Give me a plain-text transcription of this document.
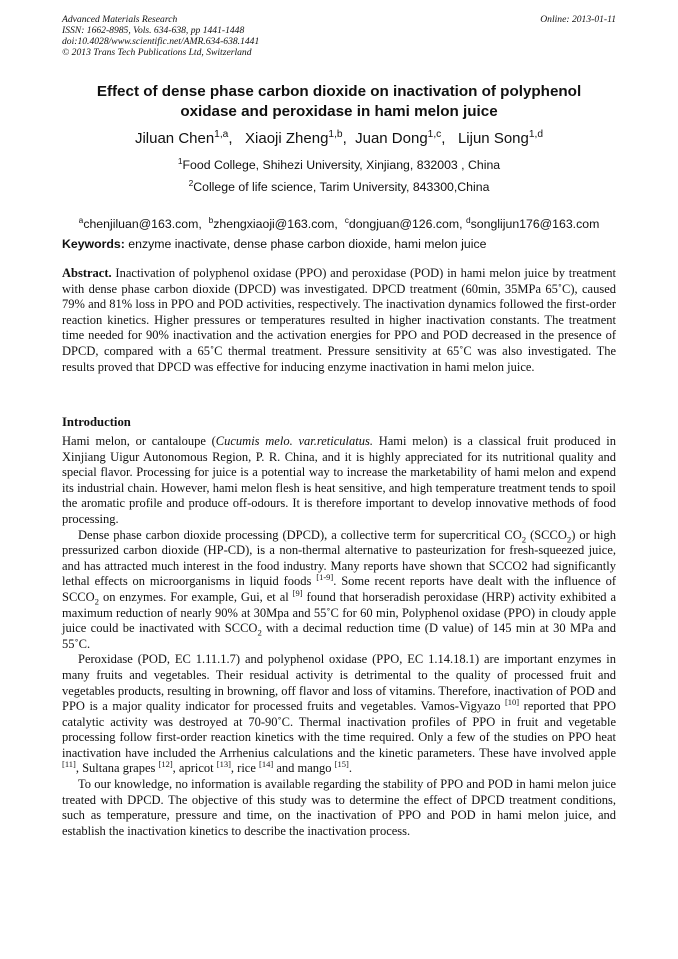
Advanced Materials Research
ISSN: 1662-8985, Vols. 634-638, pp 1441-1448
doi:10.4028/www.scientific.net/AMR.634-638.1441
© 2013 Trans Tech Publications Ltd, Switzerland
Online: 2013-01-11
Effect of dense phase carbon dioxide on inactivation of polyphenol
oxidase and peroxidase in hami melon juice
Jiluan Chen$^{1,a}$,   Xiaoji Zheng$^{1,b}$,  Juan Dong$^{1,c}$,   Lijun Song$^{1,d}$
$^1$Food College, Shihezi University, Xinjiang, 832003 , China
$^2$College of life science, Tarim University, 843300,China

$^a$chenjiluan@163.com,  $^b$zhengxiaoji@163.com,  $^c$dongjuan@126.com, $^d$songlijun176@163.com
Keywords: enzyme inactivate, dense phase carbon dioxide, hami melon juice
Abstract. Inactivation of polyphenol oxidase (PPO) and peroxidase (POD) in hami melon juice by treatment with dense phase carbon dioxide (DPCD) was investigated. DPCD treatment (60min, 35MPa 65˚C), caused 79% and 81% loss in PPO and POD activities, respectively. The inactivation dynamics followed the first-order reaction kinetics. Higher pressures or temperatures resulted in higher inactivation constants. The treatment time needed for 90% inactivation and the activation energies for PPO and POD decreased in the presence of DPCD, compared with a 65˚C thermal treatment. Pressure sensitivity at 65˚C was also investigated. The results proved that DPCD was effective for inducing enzyme inactivation in hami melon juice.
Introduction

Hami melon, or cantaloupe (Cucumis melo. var.reticulatus. Hami melon) is a classical fruit produced in Xinjiang Uigur Autonomous Region, P. R. China, and it is highly appreciated for its nutritional quality and special flavor. Processing for juice is a potential way to increase the marketability of hami melon and expend its industrial chain. However, hami melon flesh is heat sensitive, and high temperature treatment tends to spoil the aromatic profile and produce off-odours. It is therefore important to develop innovative methods of food processing.

Dense phase carbon dioxide processing (DPCD), a collective term for supercritical $CO_2$ $(SCCO_2)$ or high pressurized carbon dioxide (HP-CD), is a non-thermal alternative to pasteurization for fresh-squeezed juice, and has attracted much interest in the food industry. Many reports have shown that SCCO2 had significantly lethal effects on microorganisms in liquid foods [1-9]. Some recent reports have dealt with the influence of $SCCO_2$ on enzymes. For example, Gui, et al [9] found that horseradish peroxidase (HRP) activity exhibited a maximum reduction of nearly 90% at 30Mpa and 55˚C for 60 min, Polyphenol oxidase (PPO) in cloudy apple juice could be inactivated with $SCCO_2$ with a decimal reduction time (D value) of 145 min at 30 MPa and 55˚C.

Peroxidase (POD, EC 1.11.1.7) and polyphenol oxidase (PPO, EC 1.14.18.1) are important enzymes in many fruits and vegetables. Their residual activity is detrimental to the quality of processed fruit and vegetables products, resulting in browning, off flavor and loss of vitamins. Therefore, inactivation of POD and PPO is a major quality indicator for processed fruits and vegetables. Vamos-Vigyazo [10] reported that PPO catalytic activity was destroyed at 70-90˚C. Thermal inactivation profiles of PPO in fruit and vegetable processing follow first-order reaction kinetics with the time required. Only a few of the studies on PPO heat inactivation have included the Arrhenius calculations and the kinetic parameters. These have involved apple [11], Sultana grapes [12], apricot [13], rice [14] and mango [15].

To our knowledge, no information is available regarding the stability of PPO and POD in hami melon juice treated with DPCD. The objective of this study was to determine the effect of DPCD treatment conditions, such as temperature, pressure and time, on the inactivation of PPO and POD in hami melon juice, and establish the inactivation kinetics to describe the inactivation process.
